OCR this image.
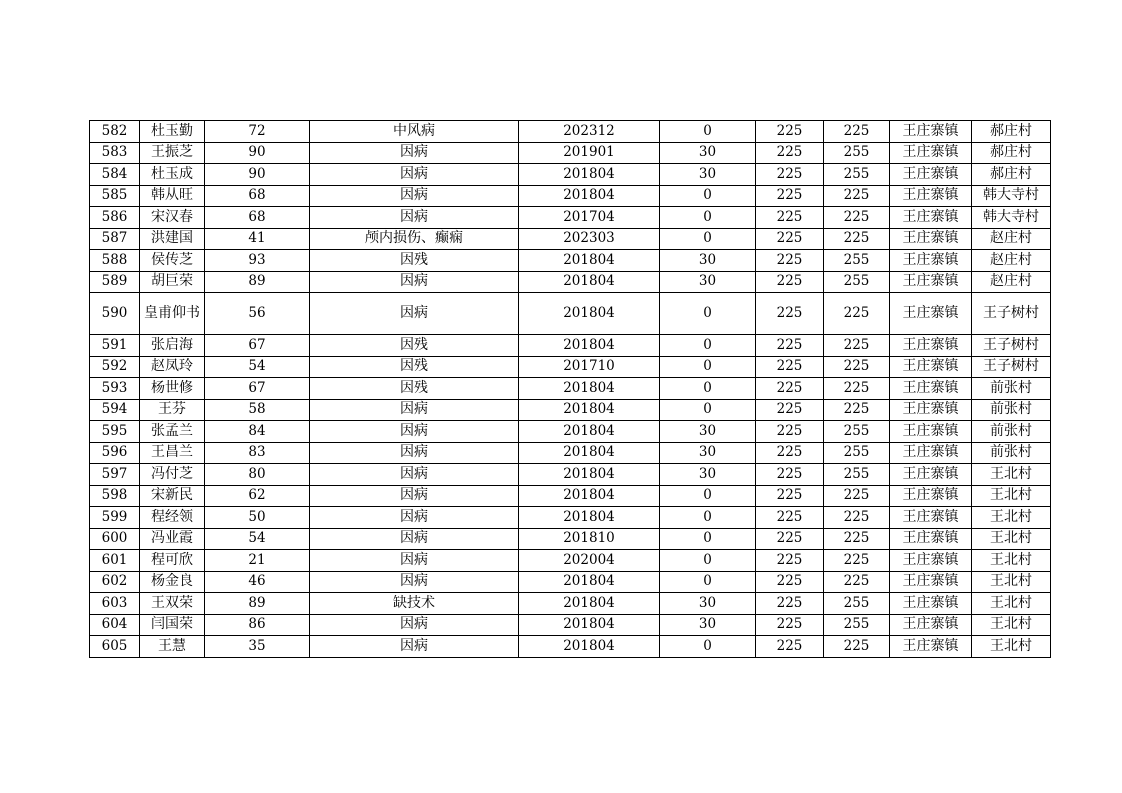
582	杜玉勤	72	中风病	202312	0	225	225	王庄寨镇	郝庄村
583	王振芝	90	因病	201901	30	225	255	王庄寨镇	郝庄村
584	杜玉成	90	因病	201804	30	225	255	王庄寨镇	郝庄村
585	韩从旺	68	因病	201804	0	225	225	王庄寨镇	韩大寺村
586	宋汉春	68	因病	201704	0	225	225	王庄寨镇	韩大寺村
587	洪建国	41	颅内损伤、癫痫	202303	0	225	225	王庄寨镇	赵庄村
588	侯传芝	93	因残	201804	30	225	255	王庄寨镇	赵庄村
589	胡巨荣	89	因病	201804	30	225	255	王庄寨镇	赵庄村
590	皇甫仰书	56	因病	201804	0	225	225	王庄寨镇	王子树村
591	张启海	67	因残	201804	0	225	225	王庄寨镇	王子树村
592	赵凤玲	54	因残	201710	0	225	225	王庄寨镇	王子树村
593	杨世修	67	因残	201804	0	225	225	王庄寨镇	前张村
594	王芬	58	因病	201804	0	225	225	王庄寨镇	前张村
595	张孟兰	84	因病	201804	30	225	255	王庄寨镇	前张村
596	王昌兰	83	因病	201804	30	225	255	王庄寨镇	前张村
597	冯付芝	80	因病	201804	30	225	255	王庄寨镇	王北村
598	宋新民	62	因病	201804	0	225	225	王庄寨镇	王北村
599	程经领	50	因病	201804	0	225	225	王庄寨镇	王北村
600	冯业霞	54	因病	201810	0	225	225	王庄寨镇	王北村
601	程可欣	21	因病	202004	0	225	225	王庄寨镇	王北村
602	杨金良	46	因病	201804	0	225	225	王庄寨镇	王北村
603	王双荣	89	缺技术	201804	30	225	255	王庄寨镇	王北村
604	闫国荣	86	因病	201804	30	225	255	王庄寨镇	王北村
605	王慧	35	因病	201804	0	225	225	王庄寨镇	王北村
